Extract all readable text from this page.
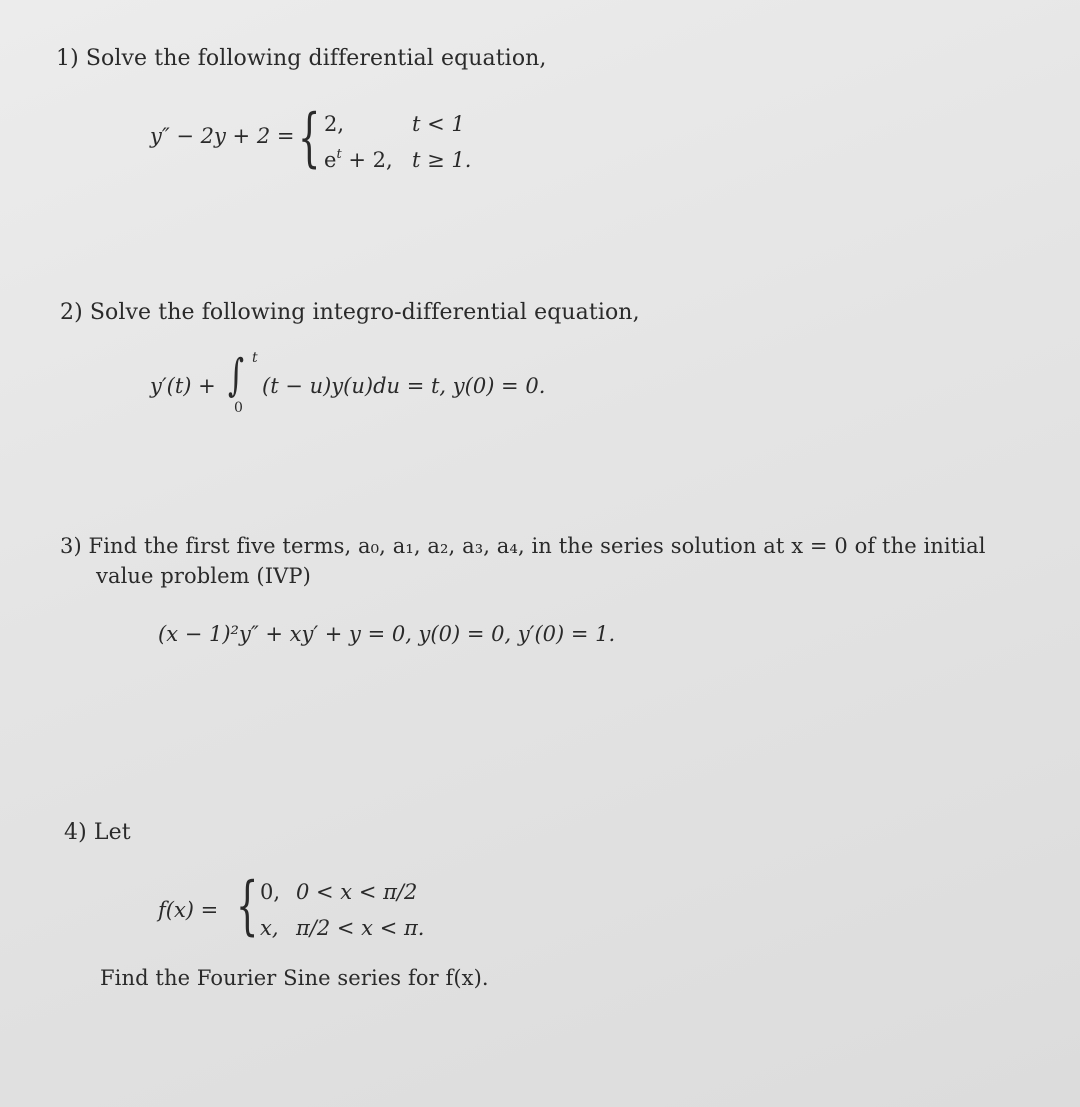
1) Solve the following differential equation,
y″ − 2y + 2 = { 2,	t < 1
$e^t + 2$, t ≥ 1.
2) Solve the following integro-differential equation,
y′(t) + ∫ t
0
(t − u)y(u)du = t, y(0) = 0.
3) Find the first five terms, a₀, a₁, a₂, a₃, a₄, in the series solution at x = 0 of the initial
value problem (IVP)
(x − 1)²y″ + xy′ + y = 0, y(0) = 0, y′(0) = 1.
4) Let
f(x) = { 0, 0 < x < π/2
x, π/2 < x < π.
Find the Fourier Sine series for f(x).
